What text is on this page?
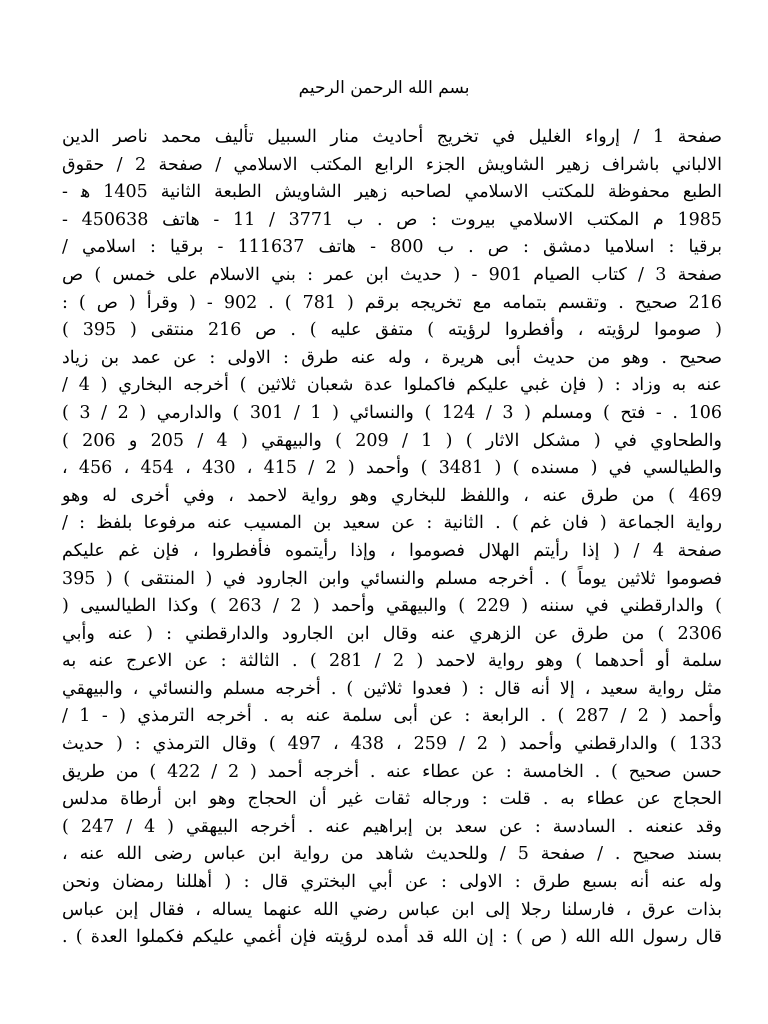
بسم الله الرحمن الرحيم
صفحة 1 / إرواء الغليل في تخريج أحاديث منار السبيل تأليف محمد ناصر الدين
الالباني باشراف زهير الشاويش الجزء الرابع المكتب الاسلامي / صفحة 2 / حقوق
الطبع محفوظة للمكتب الاسلامي لصاحبه زهير الشاويش الطبعة الثانية 1405 ه‍ -
1985 م المكتب الاسلامي بيروت : ص . ب 3771 / 11 - هاتف 450638 -
برقيا : اسلاميا دمشق : ص . ب 800 - هاتف 111637 - برقيا : اسلامي /
صفحة 3 / كتاب الصيام 901 - ( حديث ابن عمر : بني الاسلام على خمس ) ص
216 صحيح . وتقسم بتمامه مع تخريجه برقم ( 781 ) . 902 - ( وقرأ ( ص ) :
( صوموا لرؤيته ، وأفطروا لرؤيته ) متفق عليه ) . ص 216 منتقى ( 395 )
صحيح . وهو من حديث أبى هريرة ، وله عنه طرق : الاولى : عن عمد بن زياد
عنه به وزاد : ( فإن غبي عليكم فاكملوا عدة شعبان ثلاثين ) أخرجه البخاري ( 4 /
106 . - فتح ) ومسلم ( 3 / 124 ) والنسائي ( 1 / 301 ) والدارمي ( 2 / 3 )
والطحاوي في ( مشكل الاثار ) ( 1 / 209 ) والبيهقي ( 4 / 205 و 206 )
والطيالسي في ( مسنده ) ( 3481 ) وأحمد ( 2 / 415 ، 430 ، 454 ، 456 ،
469 ) من طرق عنه ، واللفظ للبخاري وهو رواية لاحمد ، وفي أخرى له وهو
رواية الجماعة ( فان غم ) . الثانية : عن سعيد بن المسيب عنه مرفوعا بلفظ : /
صفحة 4 / ( إذا رأيتم الهلال فصوموا ، وإذا رأيتموه فأفطروا ، فإن غم عليكم
فصوموا ثلاثين يوماً ) . أخرجه مسلم والنسائي وابن الجارود في ( المنتقى ) ( 395
) والدارقطني في سننه ( 229 ) والبيهقي وأحمد ( 2 / 263 ) وكذا الطيالسيى (
2306 ) من طرق عن الزهري عنه وقال ابن الجارود والدارقطني : ( عنه وأبي
سلمة أو أحدهما ) وهو رواية لاحمد ( 2 / 281 ) . الثالثة : عن الاعرج عنه به
مثل رواية سعيد ، إلا أنه قال : ( فعدوا ثلاثين ) . أخرجه مسلم والنسائي ، والبيهقي
وأحمد ( 2 / 287 ) . الرابعة : عن أبى سلمة عنه به . أخرجه الترمذي ( - 1 /
133 ) والدارقطني وأحمد ( 2 / 259 ، 438 ، 497 ) وقال الترمذي : ( حديث
حسن صحيح ) . الخامسة : عن عطاء عنه . أخرجه أحمد ( 2 / 422 ) من طريق
الحجاج عن عطاء به . قلت : ورجاله ثقات غير أن الحجاج وهو ابن أرطاة مدلس
وقد عنعنه . السادسة : عن سعد بن إبراهيم عنه . أخرجه البيهقي ( 4 / 247 )
بسند صحيح . / صفحة 5 / وللحديث شاهد من رواية ابن عباس رضى الله عنه ،
وله عنه أنه بسبع طرق : الاولى : عن أبي البختري قال : ( أهللنا رمضان ونحن
بذات عرق ، فارسلنا رجلا إلى ابن عباس رضي الله عنهما يساله ، فقال إبن عباس
قال رسول الله الله ( ص ) : إن الله قد أمده لرؤيته فإن أغمي عليكم فكملوا العدة ) .
